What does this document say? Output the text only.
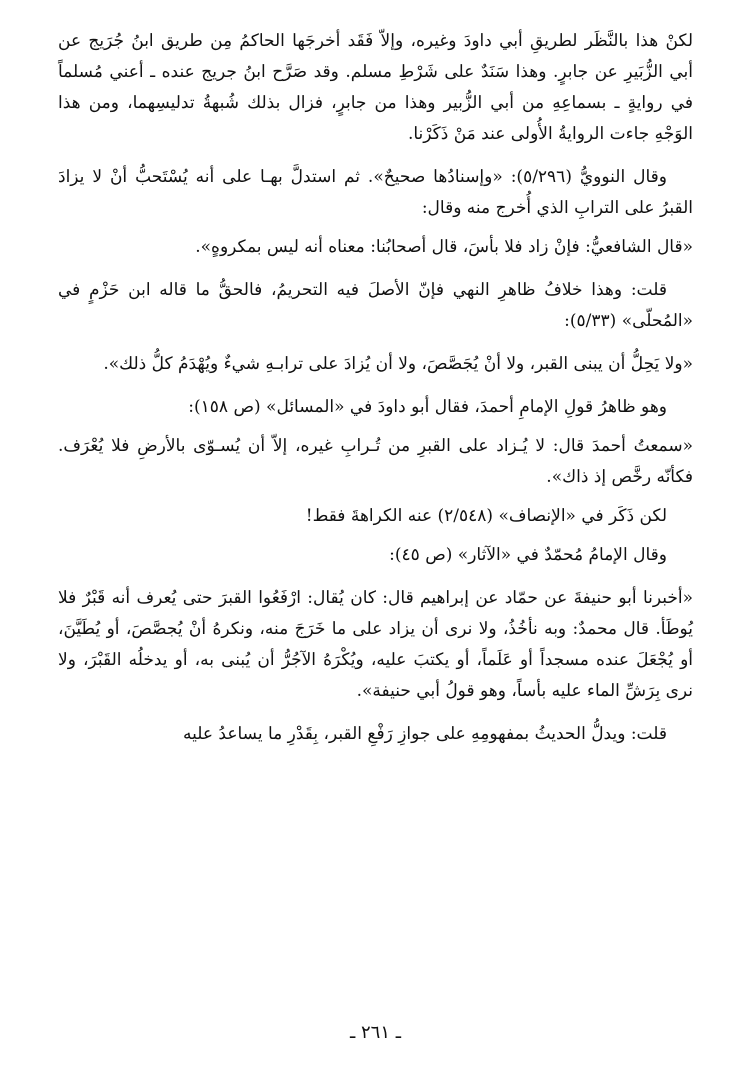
لكنْ هذا بالنَّظَر لطريقِ أبي داودَ وغيره، وإلاّ فَقَد أخرجَها الحاكمُ مِن طريق ابنُ جُرَيج عن أبي الزُّبَيرِ عن جابرٍ. وهذا سَنَدٌ على شَرْطِ مسلم. وقد صَرَّح ابنُ جريج عنده ـ أعني مُسلماً في روايةٍ ـ بسماعِهِ من أبي الزُّبير وهذا من جابرٍ، فزال بذلك شُبهةُ تدليسِهما، ومن هذا الوَجْهِ جاءت الروايةُ الأُولى عند مَنْ ذَكَرْنا.

وقال النوويُّ (٥/٢٩٦): «وإسنادُها صحيحٌ». ثم استدلَّ بهـا على أنه يُسْتَحبُّ أنْ لا يزادَ القبرُ على الترابِ الذي أُخرج منه وقال:

«قال الشافعيُّ: فإنْ زاد فلا بأسَ، قال أصحابُنا: معناه أنه ليس بمكروهٍ».

قلت: وهذا خلافُ ظاهرِ النهي فإنّ الأصلَ فيه التحريمُ، فالحقُّ ما قاله ابن حَزْمٍ في «المُحلّى» (٥/٣٣):

«ولا يَحِلُّ أن يبنى القبر، ولا أنْ يُجَصَّصَ، ولا أن يُزادَ على ترابـهِ شيءٌ ويُهْدَمُ كلُّ ذلك».

وهو ظاهرُ قولِ الإمامِ أحمدَ، فقال أبو داودَ في «المسائل» (ص ١٥٨):

«سمعتُ أحمدَ قال: لا يُـزاد على القبرِ من تُـرابِ غيره، إلاّ أن يُسـوّى بالأرضِ فلا يُعْرَف. فكأنّه رخَّص إذ ذاك».

لكن ذَكَر في «الإنصاف» (٢/٥٤٨) عنه الكراهةَ فقط!

وقال الإمامُ مُحمّدٌ في «الآثار» (ص ٤٥):

«أخبرنا أبو حنيفةَ عن حمّاد عن إبراهيم قال: كان يُقال: ارْفَعُوا القبرَ حتى يُعرف أنه قَبْرٌ فلا يُوطَأ. قال محمدٌ: وبه نأخُذُ، ولا نرى أن يزاد على ما خَرَجَ منه، ونكرهُ أنْ يُجصَّصَ، أو يُطَيَّنَ، أو يُجْعَلَ عنده مسجداً أو عَلَماً، أو يكتبَ عليه، ويُكْرَهُ الآجُرُّ أن يُبنى به، أو يدخلُه القَبْرَ، ولا نرى بِرَشِّ الماء عليه بأساً، وهو قولُ أبي حنيفة».

قلت: ويدلُّ الحديثُ بمفهومِهِ على جوازِ رَفْعِ القبر، بِقَدْرِ ما يساعدُ عليه

ـ ٢٦١ ـ
